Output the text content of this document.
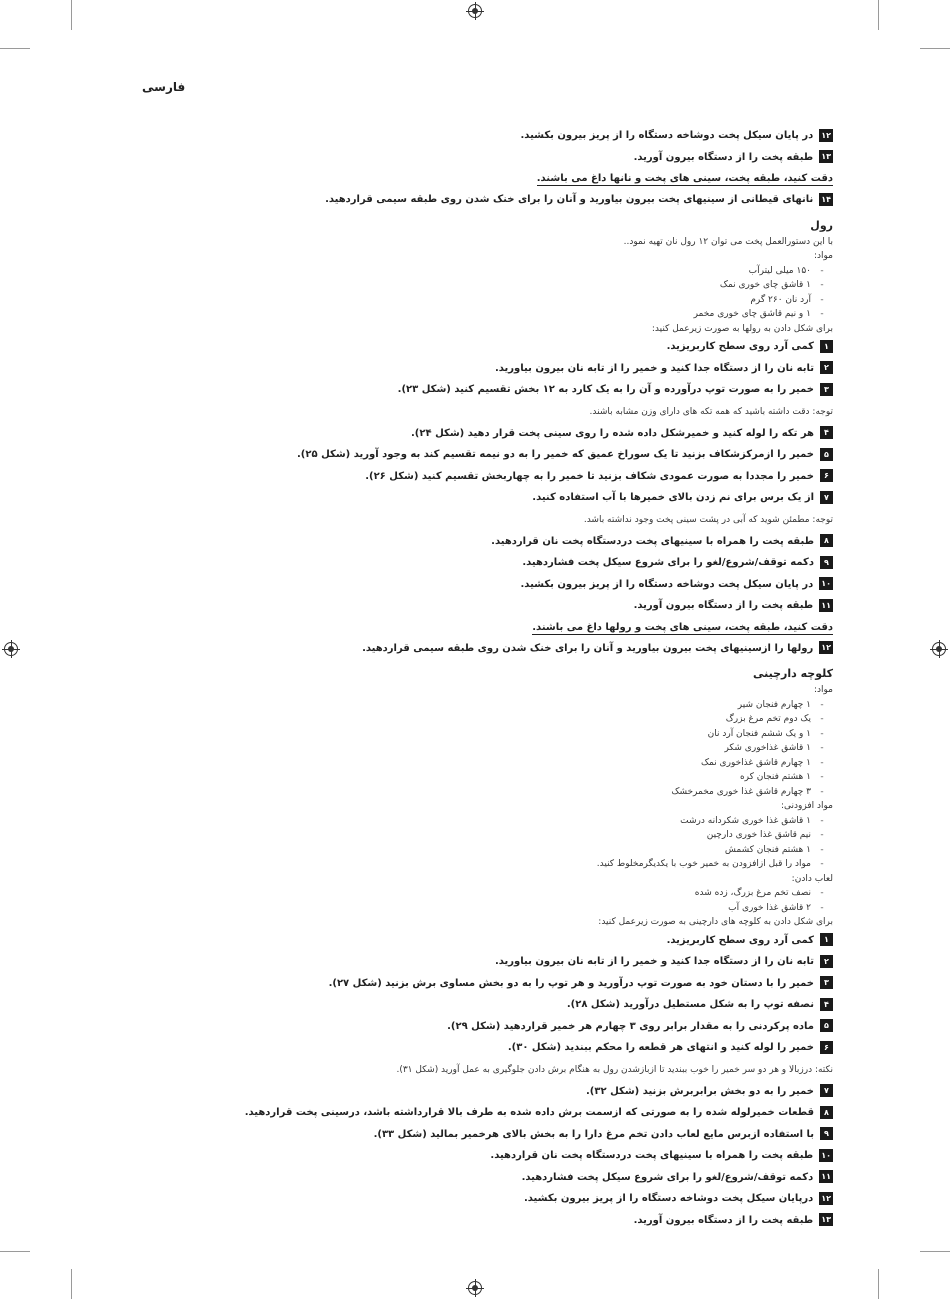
فارسی
۱۲در پایان سیکل پخت دوشاخه دستگاه را از پریز بیرون بکشید.
۱۳طبقه پخت را از دستگاه بیرون آورید.
دقت کنید، طبقه پخت، سینی های پخت و نانها داغ می باشند.
۱۴نانهای قیطانی از سینیهای پخت بیرون بیاورید و آنان را برای خنک شدن روی طبقه سیمی قراردهید.
رول
با این دستورالعمل پخت می توان ۱۲ رول نان تهیه نمود..
مواد:
-۱۵۰ میلی لیترآب
-۱ قاشق چای خوری نمک
-آرد نان ۲۶۰ گرم
-۱ و نیم قاشق چای خوری مخمر
برای شکل دادن به رولها به صورت زیرعمل کنید:
۱کمی آرد روی سطح کاربریزید.
۲تابه نان را از دستگاه جدا کنید و خمیر را از تابه نان بیرون بیاورید.
۳خمیر را به صورت توپ درآورده و آن را به یک کارد به ۱۲ بخش تقسیم کنید (شکل ۲۳).
توجه: دقت داشته باشید که همه تکه های دارای وزن مشابه باشند.
۴هر تکه را لوله کنید و خمیرشکل داده شده را روی سینی پخت قرار دهید (شکل ۲۴).
۵خمیر را ازمرکزشکاف بزنید تا یک سوراخ عمیق که خمیر را به دو نیمه تقسیم کند به وجود آورید (شکل ۲۵).
۶خمیر را مجددا به صورت عمودی شکاف بزنید تا خمیر را به چهاربخش تقسیم کنید (شکل ۲۶).
۷از یک برس برای نم زدن بالای خمیرها با آب استفاده کنید.
توجه: مطمئن شوید که آبی در پشت سینی پخت وجود نداشته باشد.
۸طبقه پخت را همراه با سینیهای پخت دردستگاه پخت نان قراردهید.
۹دکمه توقف/شروع/لغو را برای شروع سیکل پخت فشاردهید.
۱۰در پایان سیکل پخت دوشاخه دستگاه را از پریز بیرون بکشید.
۱۱طبقه پخت را از دستگاه بیرون آورید.
دقت کنید، طبقه پخت، سینی های پخت و رولها داغ می باشند.
۱۲رولها را ازسینیهای پخت بیرون بیاورید و آنان را برای خنک شدن روی طبقه سیمی قراردهید.
کلوچه دارچینی
مواد:
-۱ چهارم فنجان شیر
-یک دوم تخم مرغ بزرگ
-۱ و یک ششم فنجان آرد نان
-۱ قاشق غذاخوری شکر
-۱ چهارم قاشق غذاخوری نمک
-۱ هشتم فنجان کره
-۳ چهارم قاشق غذا خوری مخمرخشک
مواد افزودنی:
-۱ قاشق غذا خوری شکردانه درشت
-نیم قاشق غذا خوری دارچین
-۱ هشتم فنجان کشمش
-مواد را قبل ازافزودن به خمیر خوب با یکدیگرمخلوط کنید.
لعاب دادن:
-نصف تخم مرغ بزرگ، زده شده
-۲ قاشق غذا خوری آب
برای شکل دادن به کلوچه های دارچینی به صورت زیرعمل کنید:
۱کمی آرد روی سطح کاربریزید.
۲تابه نان را از دستگاه جدا کنید و خمیر را از تابه نان بیرون بیاورید.
۳خمیر را با دستان خود به صورت توپ درآورید و هر توپ را به دو بخش مساوی برش بزنید (شکل ۲۷).
۴نصفه توپ را به شکل مستطیل درآورید (شکل ۲۸).
۵ماده پرکردنی را به مقدار برابر روی ۳ چهارم هر خمیر قراردهید (شکل ۲۹).
۶خمیر را لوله کنید و انتهای هر قطعه را محکم ببندید (شکل ۳۰).
نکته: درزبالا و هر دو سر خمیر را خوب ببندید تا ازبازشدن رول به هنگام برش دادن جلوگیری به عمل آورید (شکل ۳۱).
۷خمیر را به دو بخش برابربرش بزنید (شکل ۳۲).
۸قطعات خمیرلوله شده را به صورتی که ازسمت برش داده شده به طرف بالا قرارداشته باشد، درسینی پخت قراردهید.
۹با استفاده ازبرس مایع لعاب دادن تخم مرغ دارا را به بخش بالای هرخمیر بمالید (شکل ۳۳).
۱۰طبقه پخت را همراه با سینیهای پخت دردستگاه پخت نان قراردهید.
۱۱دکمه توقف/شروع/لغو را برای شروع سیکل پخت فشاردهید.
۱۲درپایان سیکل پخت دوشاخه دستگاه را از پریز بیرون بکشید.
۱۳طبقه پخت را از دستگاه بیرون آورید.
